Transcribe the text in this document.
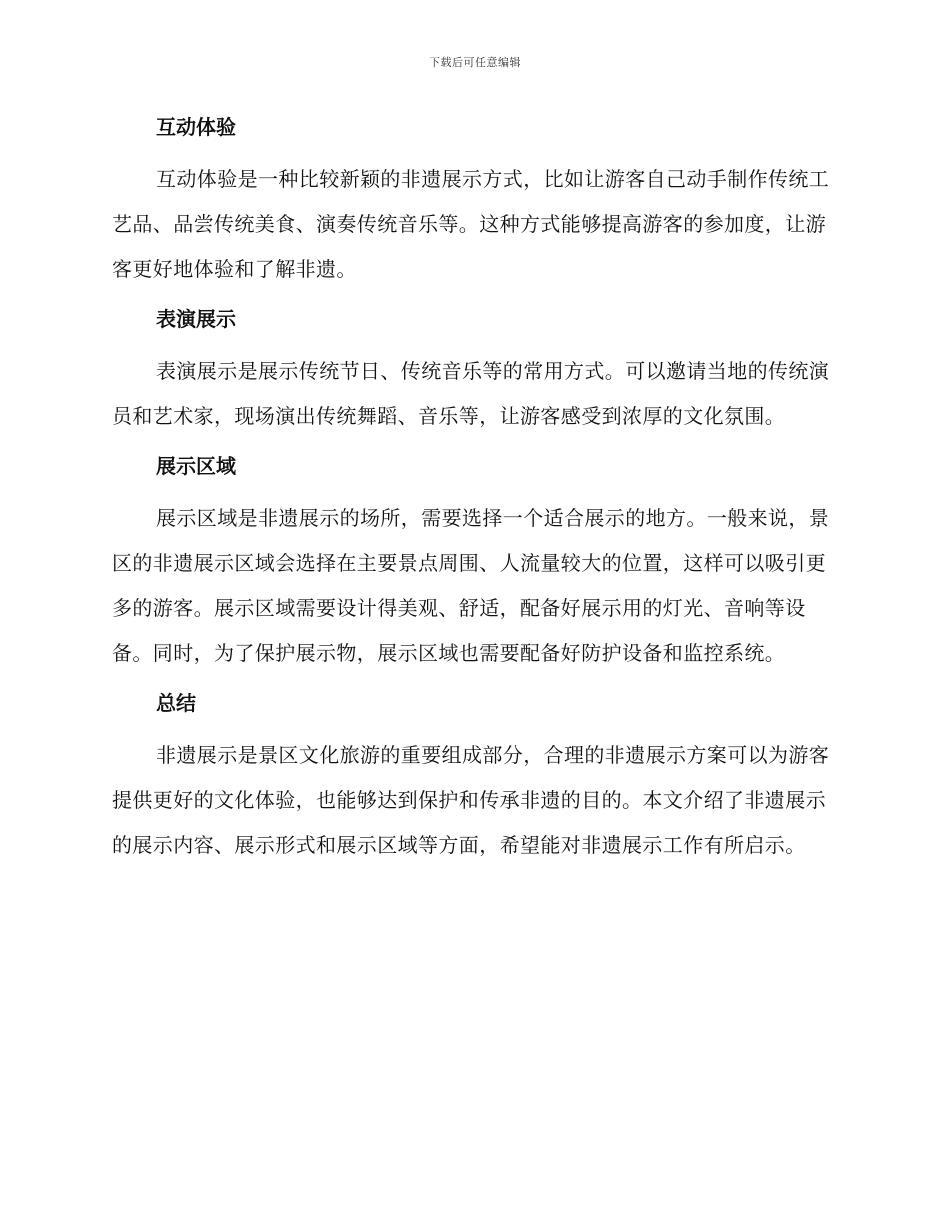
下载后可任意编辑
互动体验

互动体验是一种比较新颖的非遗展示方式，比如让游客自己动手制作传统工艺品、品尝传统美食、演奏传统音乐等。这种方式能够提高游客的参加度，让游客更好地体验和了解非遗。

表演展示

表演展示是展示传统节日、传统音乐等的常用方式。可以邀请当地的传统演员和艺术家，现场演出传统舞蹈、音乐等，让游客感受到浓厚的文化氛围。

展示区域

展示区域是非遗展示的场所，需要选择一个适合展示的地方。一般来说，景区的非遗展示区域会选择在主要景点周围、人流量较大的位置，这样可以吸引更多的游客。展示区域需要设计得美观、舒适，配备好展示用的灯光、音响等设备。同时，为了保护展示物，展示区域也需要配备好防护设备和监控系统。

总结

非遗展示是景区文化旅游的重要组成部分，合理的非遗展示方案可以为游客提供更好的文化体验，也能够达到保护和传承非遗的目的。本文介绍了非遗展示的展示内容、展示形式和展示区域等方面，希望能对非遗展示工作有所启示。
